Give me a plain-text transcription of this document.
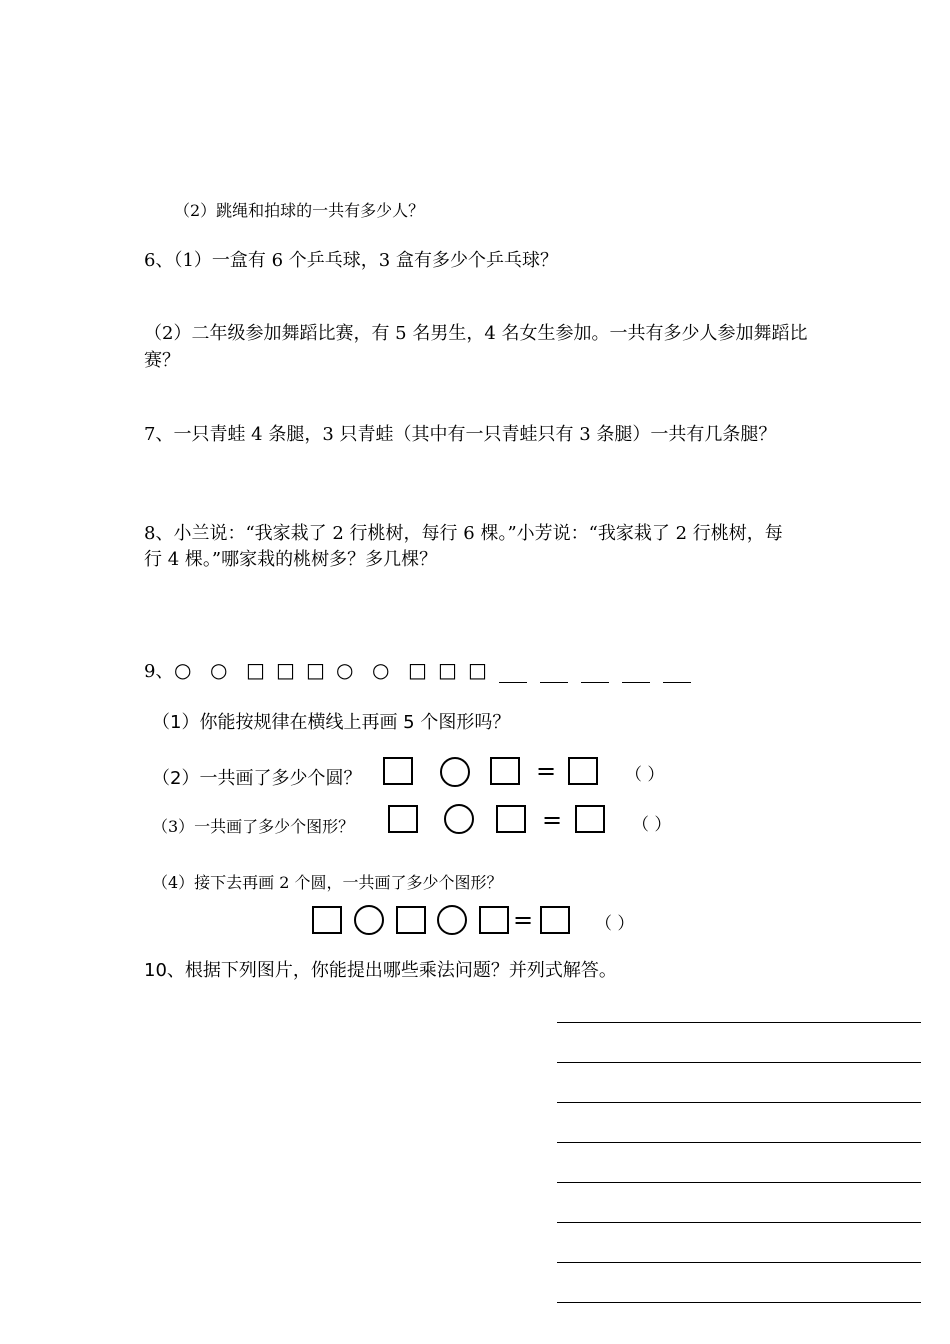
（2）跳绳和拍球的一共有多少人？
6、（1）一盒有 6 个乒乓球，3 盒有多少个乒乓球？
（2）二年级参加舞蹈比赛，有 5 名男生，4 名女生参加。一共有多少人参加舞蹈比
赛？
7、一只青蛙 4 条腿，3 只青蛙（其中有一只青蛙只有 3 条腿）一共有几条腿？
8、小兰说：“我家栽了 2 行桃树，每行 6 棵。”小芳说：“我家栽了 2 行桃树，每
行 4 棵。”哪家栽的桃树多？多几棵？
9、 ○ ○ □ □ □ ○ ○ □ □ □
（1）你能按规律在横线上再画 5 个图形吗？
（2）一共画了多少个圆？	=	（ ）
（3）一共画了多少个图形？	=	（ ）
（4）接下去再画 2 个圆，一共画了多少个图形？
=	（ ）
10、根据下列图片，你能提出哪些乘法问题？并列式解答。
